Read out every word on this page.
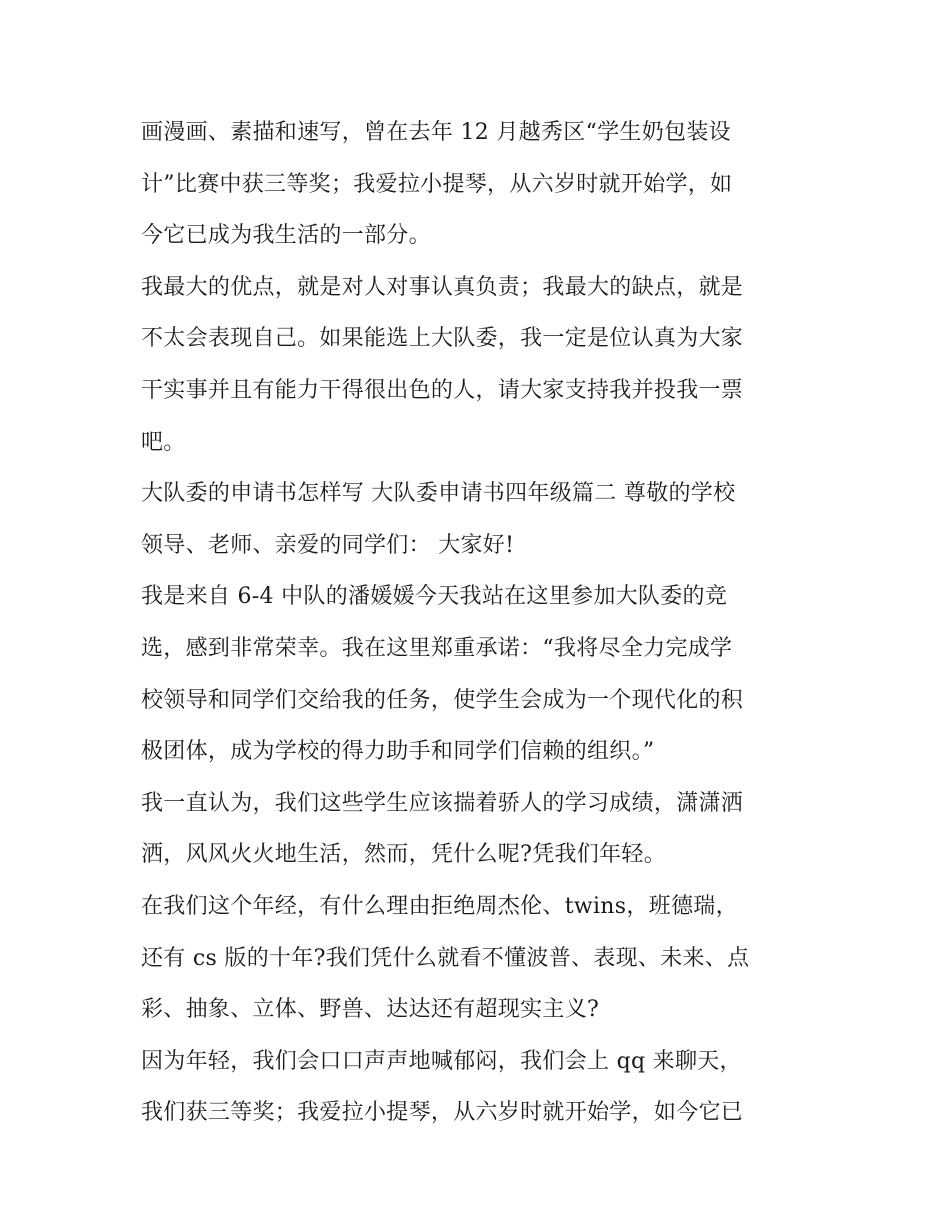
画漫画、素描和速写，曾在去年 12 月越秀区“学生奶包装设
计”比赛中获三等奖；我爱拉小提琴，从六岁时就开始学，如
今它已成为我生活的一部分。
我最大的优点，就是对人对事认真负责；我最大的缺点，就是
不太会表现自己。如果能选上大队委，我一定是位认真为大家
干实事并且有能力干得很出色的人，请大家支持我并投我一票
吧。
大队委的申请书怎样写 大队委申请书四年级篇二 尊敬的学校
领导、老师、亲爱的同学们： 大家好!
我是来自 6-4 中队的潘媛媛今天我站在这里参加大队委的竞
选，感到非常荣幸。我在这里郑重承诺：“我将尽全力完成学
校领导和同学们交给我的任务，使学生会成为一个现代化的积
极团体，成为学校的得力助手和同学们信赖的组织。”
我一直认为，我们这些学生应该揣着骄人的学习成绩，潇潇洒
洒，风风火火地生活，然而，凭什么呢?凭我们年轻。
在我们这个年经，有什么理由拒绝周杰伦、twins，班德瑞，
还有 cs 版的十年?我们凭什么就看不懂波普、表现、未来、点
彩、抽象、立体、野兽、达达还有超现实主义?
因为年轻，我们会口口声声地喊郁闷，我们会上 qq 来聊天，
我们获三等奖；我爱拉小提琴，从六岁时就开始学，如今它已
